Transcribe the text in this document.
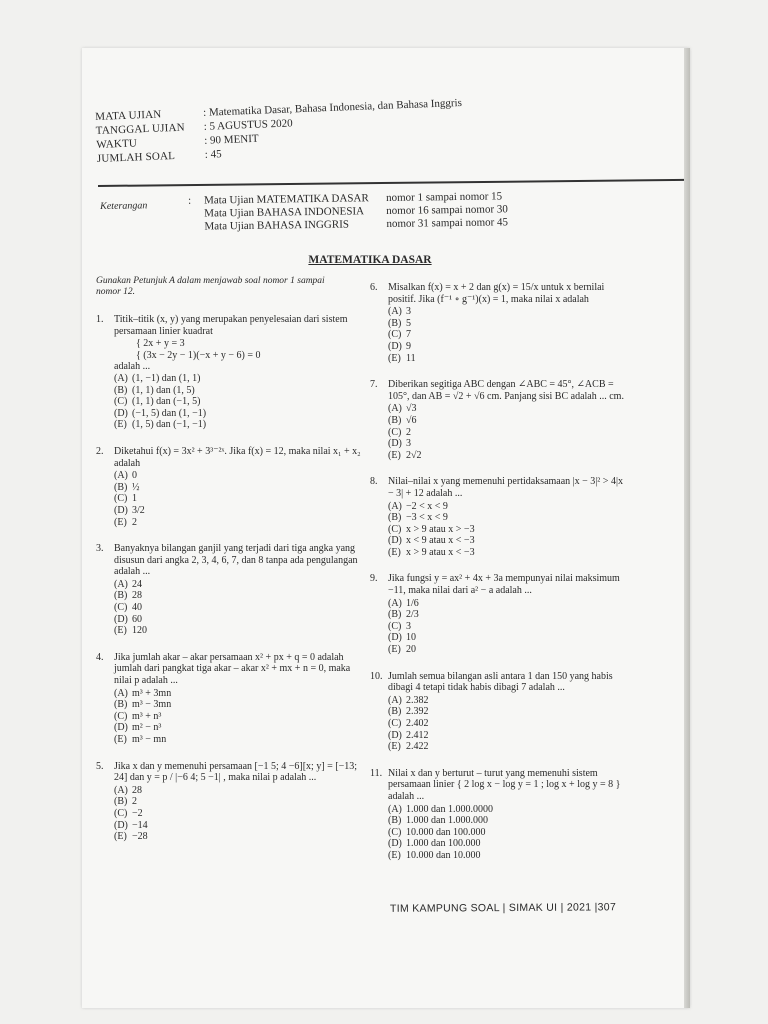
MATA UJIAN	: Matematika Dasar, Bahasa Indonesia, dan Bahasa Inggris
TANGGAL UJIAN	: 5 AGUSTUS 2020
WAKTU	: 90 MENIT
JUMLAH SOAL	: 45
Keterangan	: Mata Ujian MATEMATIKA DASAR	nomor 1 sampai nomor 15
Mata Ujian BAHASA INDONESIA	nomor 16 sampai nomor 30
Mata Ujian BAHASA INGGRIS	nomor 31 sampai nomor 45
MATEMATIKA DASAR
Gunakan Petunjuk A dalam menjawab soal nomor 1 sampai nomor 12.
1.	Titik–titik (x, y) yang merupakan penyelesaian dari sistem persamaan linier kuadrat
{ 2x + y = 3
{ (3x − 2y − 1)(−x + y − 6) = 0
adalah ...
(A) (1, −1) dan (1, 1)
(B) (1, 1) dan (1, 5)
(C) (1, 1) dan (−1, 5)
(D) (−1, 5) dan (1, −1)
(E) (1, 5) dan (−1, −1)
2.	Diketahui f(x) = 3x² + 3³⁻²ˣ. Jika f(x) = 12, maka nilai x₁ + x₂ adalah
(A) 0
(B) ½
(C) 1
(D) 3/2
(E) 2
3.	Banyaknya bilangan ganjil yang terjadi dari tiga angka yang disusun dari angka 2, 3, 4, 6, 7, dan 8 tanpa ada pengulangan adalah ...
(A) 24
(B) 28
(C) 40
(D) 60
(E) 120
4.	Jika jumlah akar – akar persamaan x² + px + q = 0 adalah jumlah dari pangkat tiga akar – akar x² + mx + n = 0, maka nilai p adalah ...
(A) m³ + 3mn
(B) m³ − 3mn
(C) m³ + n³
(D) m² − n³
(E) m³ − mn
5.	Jika x dan y memenuhi persamaan [−1 5; 4 −6][x; y] = [−13; 24] dan y = p / |−6 4; 5 −1| , maka nilai p adalah ...
(A) 28
(B) 2
(C) −2
(D) −14
(E) −28
6.	Misalkan f(x) = x + 2 dan g(x) = 15/x untuk x bernilai positif. Jika (f⁻¹ ∘ g⁻¹)(x) = 1, maka nilai x adalah
(A) 3
(B) 5
(C) 7
(D) 9
(E) 11
7.	Diberikan segitiga ABC dengan ∠ABC = 45°, ∠ACB = 105°, dan AB = √2 + √6 cm. Panjang sisi BC adalah ... cm.
(A) √3
(B) √6
(C) 2
(D) 3
(E) 2√2
8.	Nilai–nilai x yang memenuhi pertidaksamaan |x − 3|² > 4|x − 3| + 12 adalah ...
(A) −2 < x < 9
(B) −3 < x < 9
(C) x > 9 atau x > −3
(D) x < 9 atau x < −3
(E) x > 9 atau x < −3
9.	Jika fungsi y = ax² + 4x + 3a mempunyai nilai maksimum −11, maka nilai dari a² − a adalah ...
(A) 1/6
(B) 2/3
(C) 3
(D) 10
(E) 20
10. Jumlah semua bilangan asli antara 1 dan 150 yang habis dibagi 4 tetapi tidak habis dibagi 7 adalah ...
(A) 2.382
(B) 2.392
(C) 2.402
(D) 2.412
(E) 2.422
11. Nilai x dan y berturut – turut yang memenuhi sistem persamaan linier { 2 log x − log y = 1 ; log x + log y = 8 } adalah ...
(A) 1.000 dan 1.000.0000
(B) 1.000 dan 1.000.000
(C) 10.000 dan 100.000
(D) 1.000 dan 100.000
(E) 10.000 dan 10.000
TIM KAMPUNG SOAL | SIMAK UI | 2021 |307
